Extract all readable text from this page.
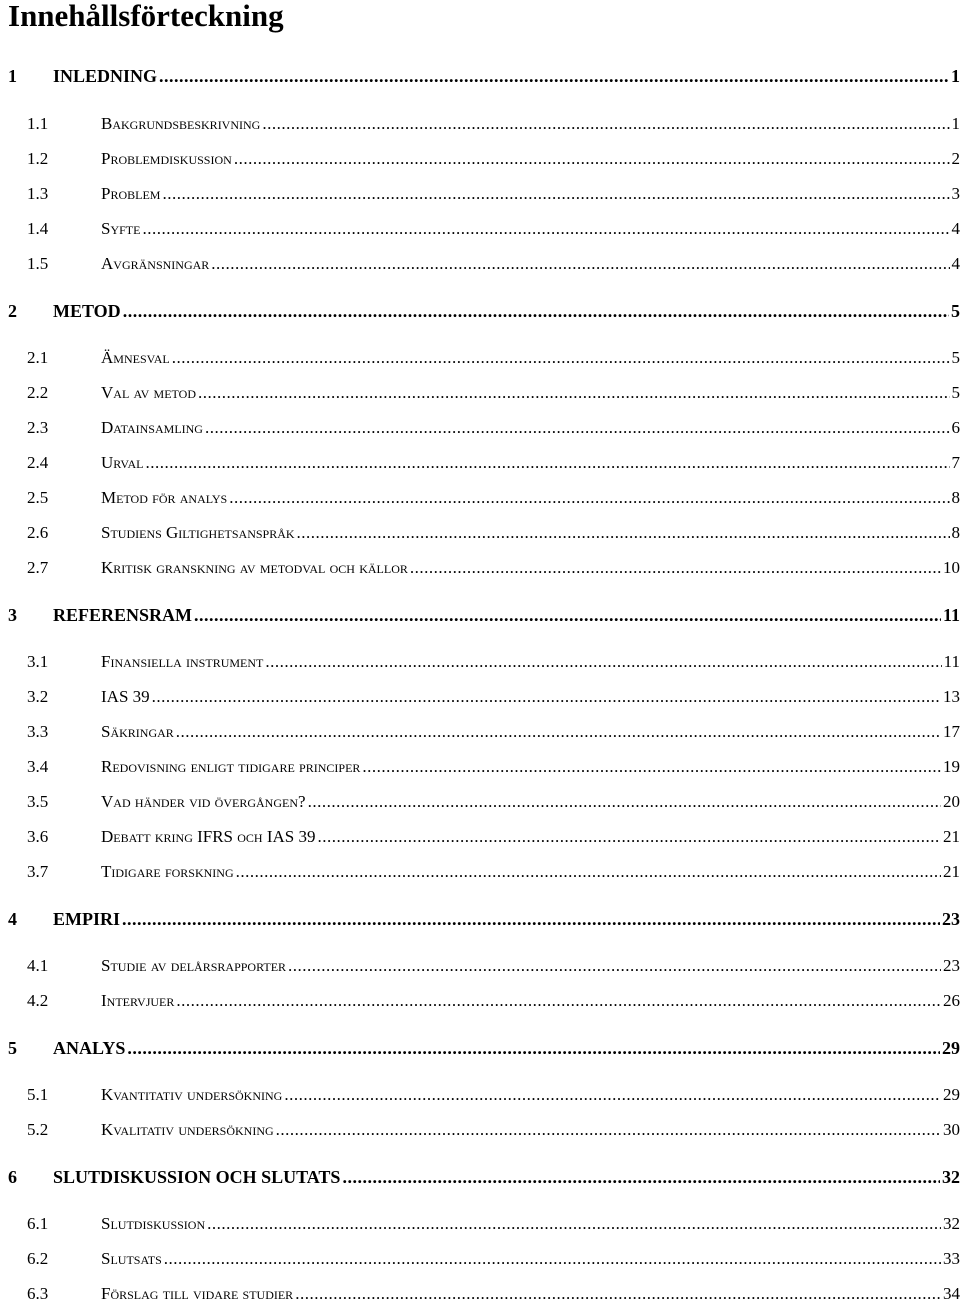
Innehållsförteckning
1 INLEDNING .....	1
1.1	Bakgrundsbeskrivning .....	1
1.2	Problemdiskussion .....	2
1.3	Problem .....	3
1.4	Syfte .....	4
1.5	Avgränsningar .....	4
2 METOD .....	5
2.1	Ämnesval .....	5
2.2	Val av metod .....	5
2.3	Datainsamling .....	6
2.4	Urval .....	7
2.5	Metod för analys .....	8
2.6	Studiens Giltighetsanspråk .....	8
2.7	Kritisk granskning av metodval och källor .....	10
3 REFERENSRAM .....	11
3.1	Finansiella instrument .....	11
3.2	IAS 39 .....	13
3.3	Säkringar .....	17
3.4	Redovisning enligt tidigare principer .....	19
3.5	Vad händer vid övergången? .....	20
3.6	Debatt kring IFRS och IAS 39 .....	21
3.7	Tidigare forskning .....	21
4 EMPIRI .....	23
4.1	Studie av delårsrapporter .....	23
4.2	Intervjuer .....	26
5 ANALYS .....	29
5.1	Kvantitativ undersökning .....	29
5.2	Kvalitativ undersökning .....	30
6 SLUTDISKUSSION OCH SLUTATS .....	32
6.1	Slutdiskussion .....	32
6.2	Slutsats .....	33
6.3	Förslag till vidare studier .....	34
